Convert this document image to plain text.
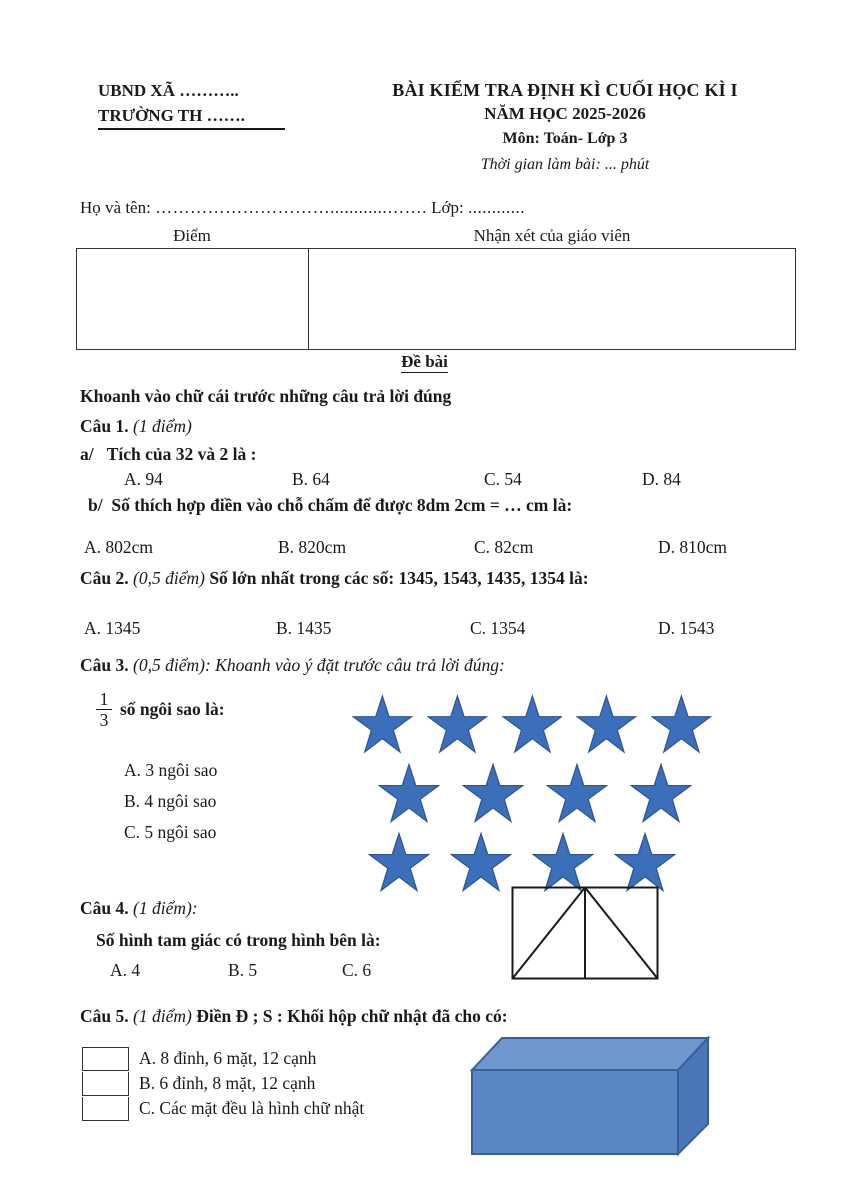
UBND XÃ ………..
TRƯỜNG TH …….
BÀI KIỂM TRA ĐỊNH KÌ CUỐI HỌC KÌ I
NĂM HỌC 2025-2026
Môn: Toán- Lớp 3
Thời gian làm bài: ... phút
Họ và tên: …………………………............……. Lớp: ............
Điểm	Nhận xét của giáo viên
Đề bài
Khoanh vào chữ cái trước những câu trả lời đúng
Câu 1. (1 điểm)
a/ Tích của 32 và 2 là :
A. 94	B. 64	C. 54	D. 84
b/ Số thích hợp điền vào chỗ chấm để được 8dm 2cm = … cm là:
A. 802cm	B. 820cm	C. 82cm	D. 810cm
Câu 2. (0,5 điểm) Số lớn nhất trong các số: 1345, 1543, 1435, 1354 là:
A. 1345	B. 1435	C. 1354	D. 1543
Câu 3. (0,5 điểm): Khoanh vào ý đặt trước câu trả lời đúng:
$\frac{1}{3}$ số ngôi sao là:
A. 3 ngôi sao
B. 4 ngôi sao
C. 5 ngôi sao
Câu 4. (1 điểm):
Số hình tam giác có trong hình bên là:
A. 4	B. 5	C. 6
Câu 5. (1 điểm) Điền Đ ; S : Khối hộp chữ nhật đã cho có:
A. 8 đỉnh, 6 mặt, 12 cạnh
B. 6 đỉnh, 8 mặt, 12 cạnh
C. Các mặt đều là hình chữ nhật
